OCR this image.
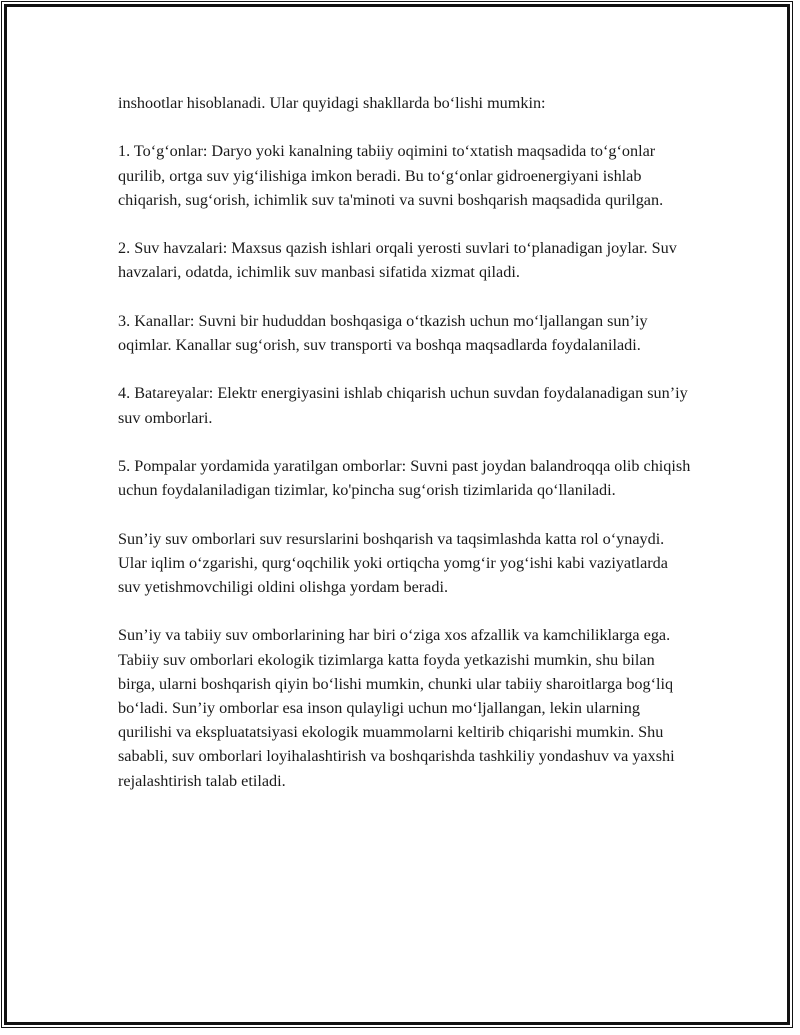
inshootlar hisoblanadi. Ular quyidagi shakllarda bo‘lishi mumkin:

1. To‘g‘onlar: Daryo yoki kanalning tabiiy oqimini to‘xtatish maqsadida to‘g‘onlar qurilib, ortga suv yig‘ilishiga imkon beradi. Bu to‘g‘onlar gidroenergiyani ishlab chiqarish, sug‘orish, ichimlik suv ta'minoti va suvni boshqarish maqsadida qurilgan.

2. Suv havzalari: Maxsus qazish ishlari orqali yerosti suvlari to‘planadigan joylar. Suv havzalari, odatda, ichimlik suv manbasi sifatida xizmat qiladi.

3. Kanallar: Suvni bir hududdan boshqasiga o‘tkazish uchun mo‘ljallangan sun’iy oqimlar. Kanallar sug‘orish, suv transporti va boshqa maqsadlarda foydalaniladi.

4. Batareyalar: Elektr energiyasini ishlab chiqarish uchun suvdan foydalanadigan sun’iy suv omborlari.

5. Pompalar yordamida yaratilgan omborlar: Suvni past joydan balandroqqa olib chiqish uchun foydalaniladigan tizimlar, ko'pincha sug‘orish tizimlarida qo‘llaniladi.

Sun’iy suv omborlari suv resurslarini boshqarish va taqsimlashda katta rol o‘ynaydi. Ular iqlim o‘zgarishi, qurg‘oqchilik yoki ortiqcha yomg‘ir yog‘ishi kabi vaziyatlarda suv yetishmovchiligi oldini olishga yordam beradi.

Sun’iy va tabiiy suv omborlarining har biri o‘ziga xos afzallik va kamchiliklarga ega. Tabiiy suv omborlari ekologik tizimlarga katta foyda yetkazishi mumkin, shu bilan birga, ularni boshqarish qiyin bo‘lishi mumkin, chunki ular tabiiy sharoitlarga bog‘liq bo‘ladi. Sun’iy omborlar esa inson qulayligi uchun mo‘ljallangan, lekin ularning qurilishi va ekspluatatsiyasi ekologik muammolarni keltirib chiqarishi mumkin. Shu sababli, suv omborlari loyihalashtirish va boshqarishda tashkiliy yondashuv va yaxshi rejalashtirish talab etiladi.
